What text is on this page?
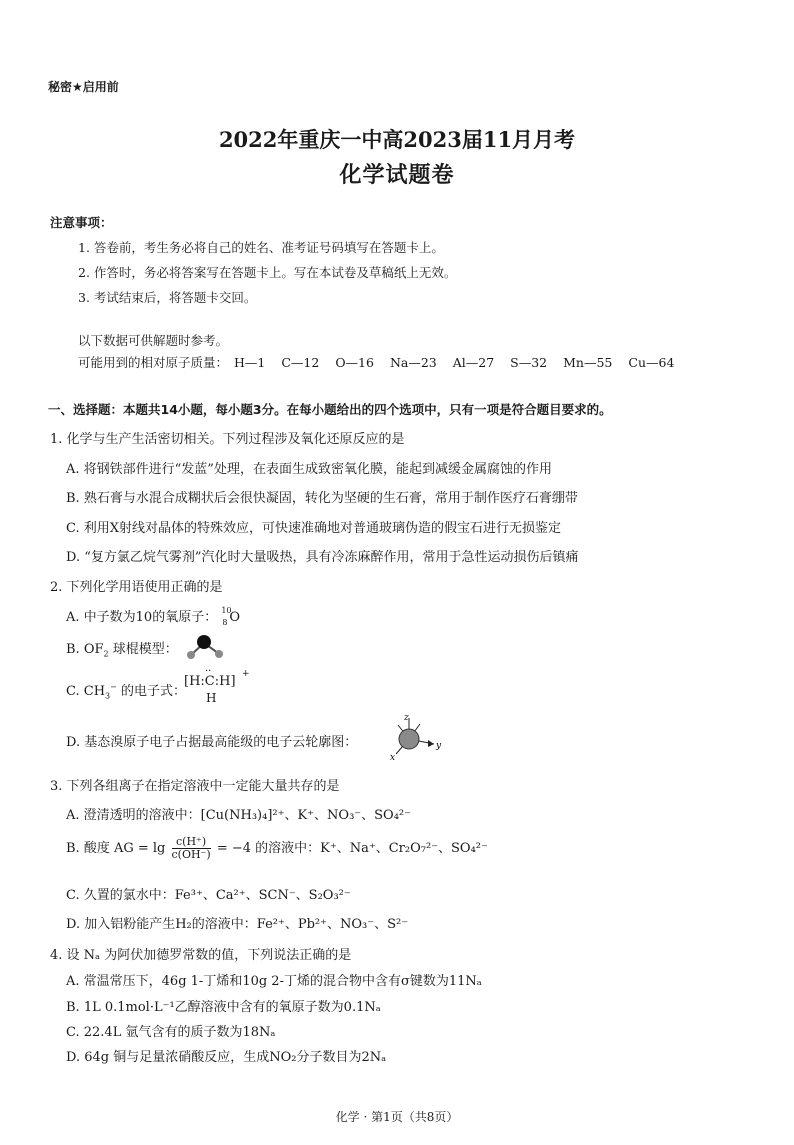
秘密★启用前
2022年重庆一中高2023届11月月考
化学试题卷
注意事项：
1. 答卷前，考生务必将自己的姓名、准考证号码填写在答题卡上。
2. 作答时，务必将答案写在答题卡上。写在本试卷及草稿纸上无效。
3. 考试结束后，将答题卡交回。
以下数据可供解题时参考。
可能用到的相对原子质量： H—1 C—12 O—16 Na—23 Al—27 S—32 Mn—55 Cu—64
一、选择题：本题共14小题，每小题3分。在每小题给出的四个选项中，只有一项是符合题目要求的。
1. 化学与生产生活密切相关。下列过程涉及氧化还原反应的是
A. 将钢铁部件进行“发蓝”处理，在表面生成致密氧化膜，能起到减缓金属腐蚀的作用
B. 熟石膏与水混合成糊状后会很快凝固，转化为坚硬的生石膏，常用于制作医疗石膏绷带
C. 利用X射线对晶体的特殊效应，可快速准确地对普通玻璃伪造的假宝石进行无损鉴定
D. “复方氯乙烷气雾剂”汽化时大量吸热，具有冷冻麻醉作用，常用于急性运动损伤后镇痛
2. 下列化学用语使用正确的是
A. 中子数为10的氧原子： 10
8 O
B. $OF_2$ 球棍模型：
C. $CH_3^-$ 的电子式：
[H:C:H] +
··
H
D. 基态溴原子电子占据最高能级的电子云轮廓图：
z
y
x
3. 下列各组离子在指定溶液中一定能大量共存的是
A. 澄清透明的溶液中：[Cu(NH₃)₄]²⁺、K⁺、NO₃⁻、SO₄²⁻
B. 酸度 AG = $\lg \frac{c(H^+)}{c(OH^-)} = -4$ 的溶液中：K⁺、Na⁺、Cr₂O₇²⁻、SO₄²⁻
C. 久置的氯水中：Fe³⁺、Ca²⁺、SCN⁻、S₂O₃²⁻
D. 加入铝粉能产生H₂的溶液中：Fe²⁺、Pb²⁺、NO₃⁻、S²⁻
4. 设 Nₐ 为阿伏加德罗常数的值，下列说法正确的是
A. 常温常压下，46g 1-丁烯和10g 2-丁烯的混合物中含有σ键数为11Nₐ
B. 1L 0.1mol·L⁻¹乙醇溶液中含有的氧原子数为0.1Nₐ
C. 22.4L 氩气含有的质子数为18Nₐ
D. 64g 铜与足量浓硝酸反应，生成NO₂分子数目为2Nₐ
化学 · 第1页（共8页）
